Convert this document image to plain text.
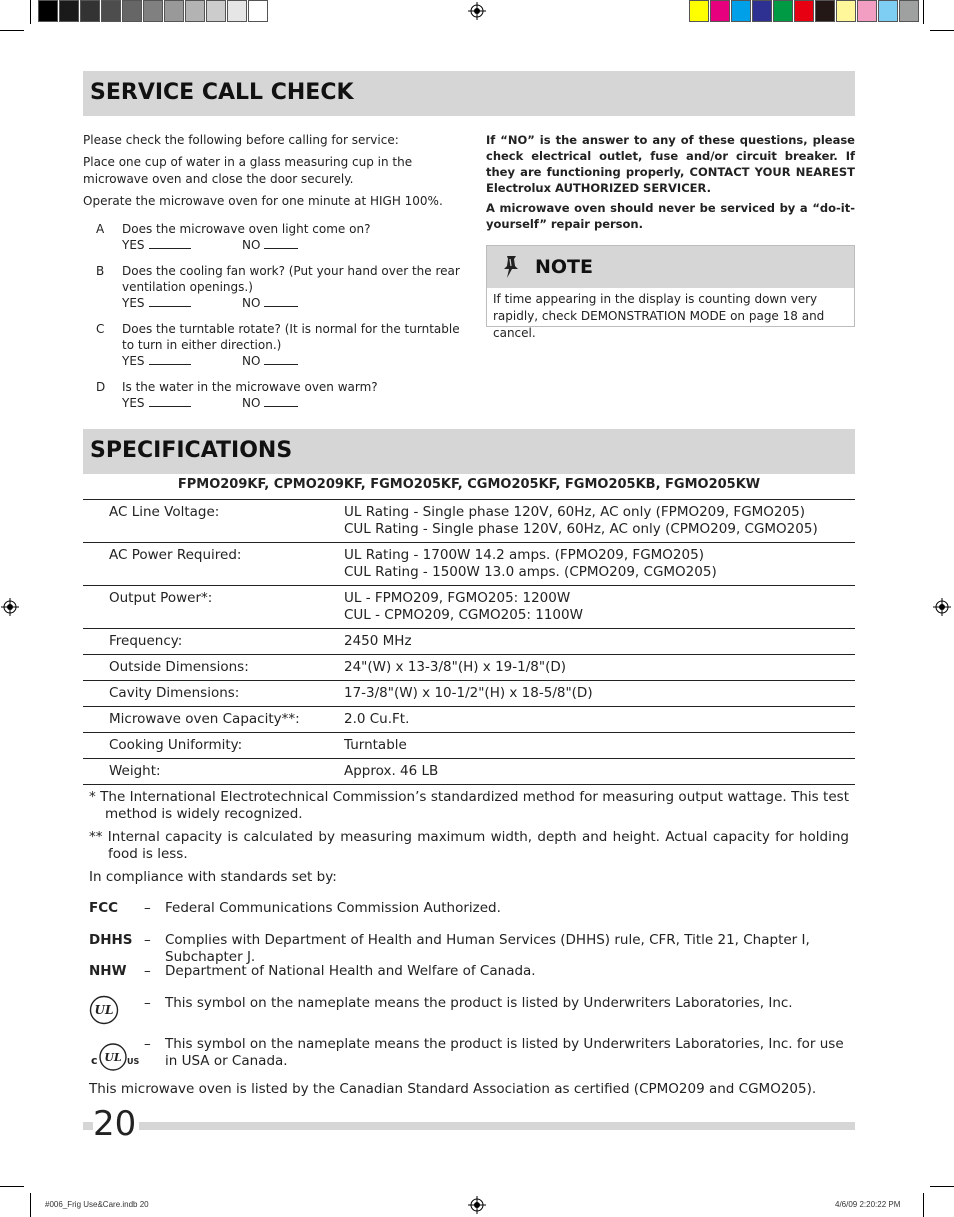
SERVICE CALL CHECK
Please check the following before calling for service:
Place one cup of water in a glass measuring cup in the microwave oven and close the door securely.
Operate the microwave oven for one minute at HIGH 100%.
A Does the microwave oven light come on?
YES	NO
B Does the cooling fan work? (Put your hand over the rear ventilation openings.)
YES	NO
C Does the turntable rotate? (It is normal for the turntable to turn in either direction.)
YES	NO
D Is the water in the microwave oven warm?
YES	NO
If “NO” is the answer to any of these questions, please check electrical outlet, fuse and/or circuit breaker. If they are functioning properly, CONTACT YOUR NEAREST Electrolux AUTHORIZED SERVICER.
A microwave oven should never be serviced by a “do-it-yourself” repair person.
NOTE
If time appearing in the display is counting down very rapidly, check DEMONSTRATION MODE on page 18 and cancel.
SPECIFICATIONS
FPMO209KF, CPMO209KF, FGMO205KF, CGMO205KF, FGMO205KB, FGMO205KW
AC Line Voltage:	UL Rating - Single phase 120V, 60Hz, AC only (FPMO209, FGMO205)
CUL Rating - Single phase 120V, 60Hz, AC only (CPMO209, CGMO205)

AC Power Required:	UL Rating - 1700W 14.2 amps. (FPMO209, FGMO205)
CUL Rating - 1500W 13.0 amps. (CPMO209, CGMO205)

Output Power*:	UL - FPMO209, FGMO205: 1200W
CUL - CPMO209, CGMO205: 1100W

Frequency:	2450 MHz
Outside Dimensions:	24"(W) x 13-3/8"(H) x 19-1/8"(D)
Cavity Dimensions:	17-3/8"(W) x 10-1/2"(H) x 18-5/8"(D)
Microwave oven Capacity**:	2.0 Cu.Ft.
Cooking Uniformity:	Turntable
Weight:	Approx. 46 LB
* The International Electrotechnical Commission’s standardized method for measuring output wattage. This test method is widely recognized.
** Internal capacity is calculated by measuring maximum width, depth and height. Actual capacity for holding food is less.
In compliance with standards set by:
FCC – Federal Communications Commission Authorized.
DHHS – Complies with Department of Health and Human Services (DHHS) rule, CFR, Title 21, Chapter I, Subchapter J.
NHW – Department of National Health and Welfare of Canada.
UL – This symbol on the nameplate means the product is listed by Underwriters Laboratories, Inc.
c UL US
– This symbol on the nameplate means the product is listed by Underwriters Laboratories, Inc. for use in USA or Canada.
This microwave oven is listed by the Canadian Standard Association as certified (CPMO209 and CGMO205).
20
#006_Frig Use&Care.indb 20	4/6/09 2:20:22 PM
